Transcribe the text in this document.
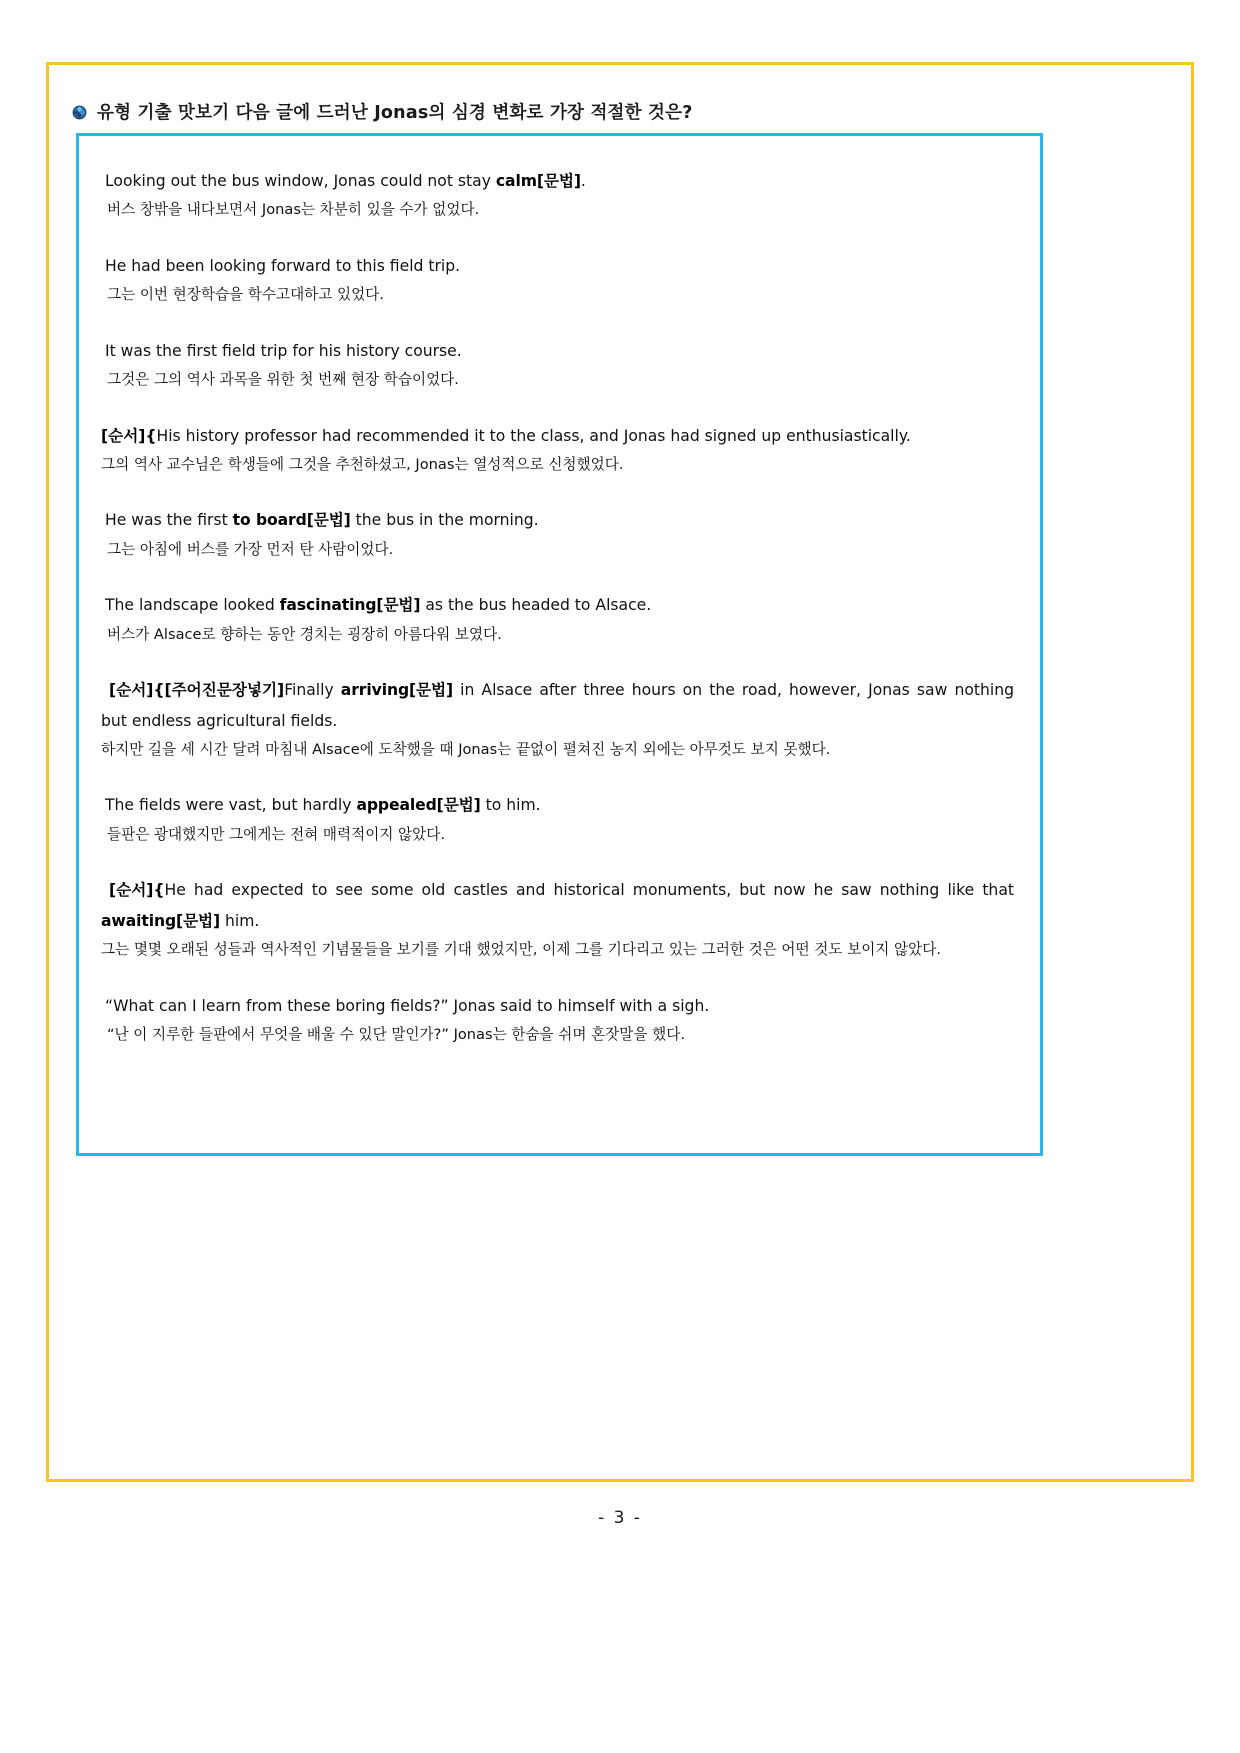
유형 기출 맛보기 다음 글에 드러난 Jonas의 심경 변화로 가장 적절한 것은?
Looking out the bus window, Jonas could not stay calm[문법].
버스 창밖을 내다보면서 Jonas는 차분히 있을 수가 없었다.
He had been looking forward to this field trip.
그는 이번 현장학습을 학수고대하고 있었다.
It was the first field trip for his history course.
그것은 그의 역사 과목을 위한 첫 번째 현장 학습이었다.
[순서]{His history professor had recommended it to the class, and Jonas had signed up enthusiastically.
그의 역사 교수님은 학생들에 그것을 추천하셨고, Jonas는 열성적으로 신청했었다.
He was the first to board[문법] the bus in the morning.
그는 아침에 버스를 가장 먼저 탄 사람이었다.
The landscape looked fascinating[문법] as the bus headed to Alsace.
버스가 Alsace로 향하는 동안 경치는 굉장히 아름다워 보였다.
[순서]{[주어진문장넣기]Finally arriving[문법] in Alsace after three hours on the road, however, Jonas saw nothing but endless agricultural fields.
하지만 길을 세 시간 달려 마침내 Alsace에 도착했을 때 Jonas는 끝없이 펼쳐진 농지 외에는 아무것도 보지 못했다.
The fields were vast, but hardly appealed[문법] to him.
들판은 광대했지만 그에게는 전혀 매력적이지 않았다.
[순서]{He had expected to see some old castles and historical monuments, but now he saw nothing like that awaiting[문법] him.
그는 몇몇 오래된 성들과 역사적인 기념물들을 보기를 기대 했었지만, 이제 그를 기다리고 있는 그러한 것은 어떤 것도 보이지 않았다.
“What can I learn from these boring fields?” Jonas said to himself with a sigh.
“난 이 지루한 들판에서 무엇을 배울 수 있단 말인가?” Jonas는 한숨을 쉬며 혼잣말을 했다.
- 3 -
